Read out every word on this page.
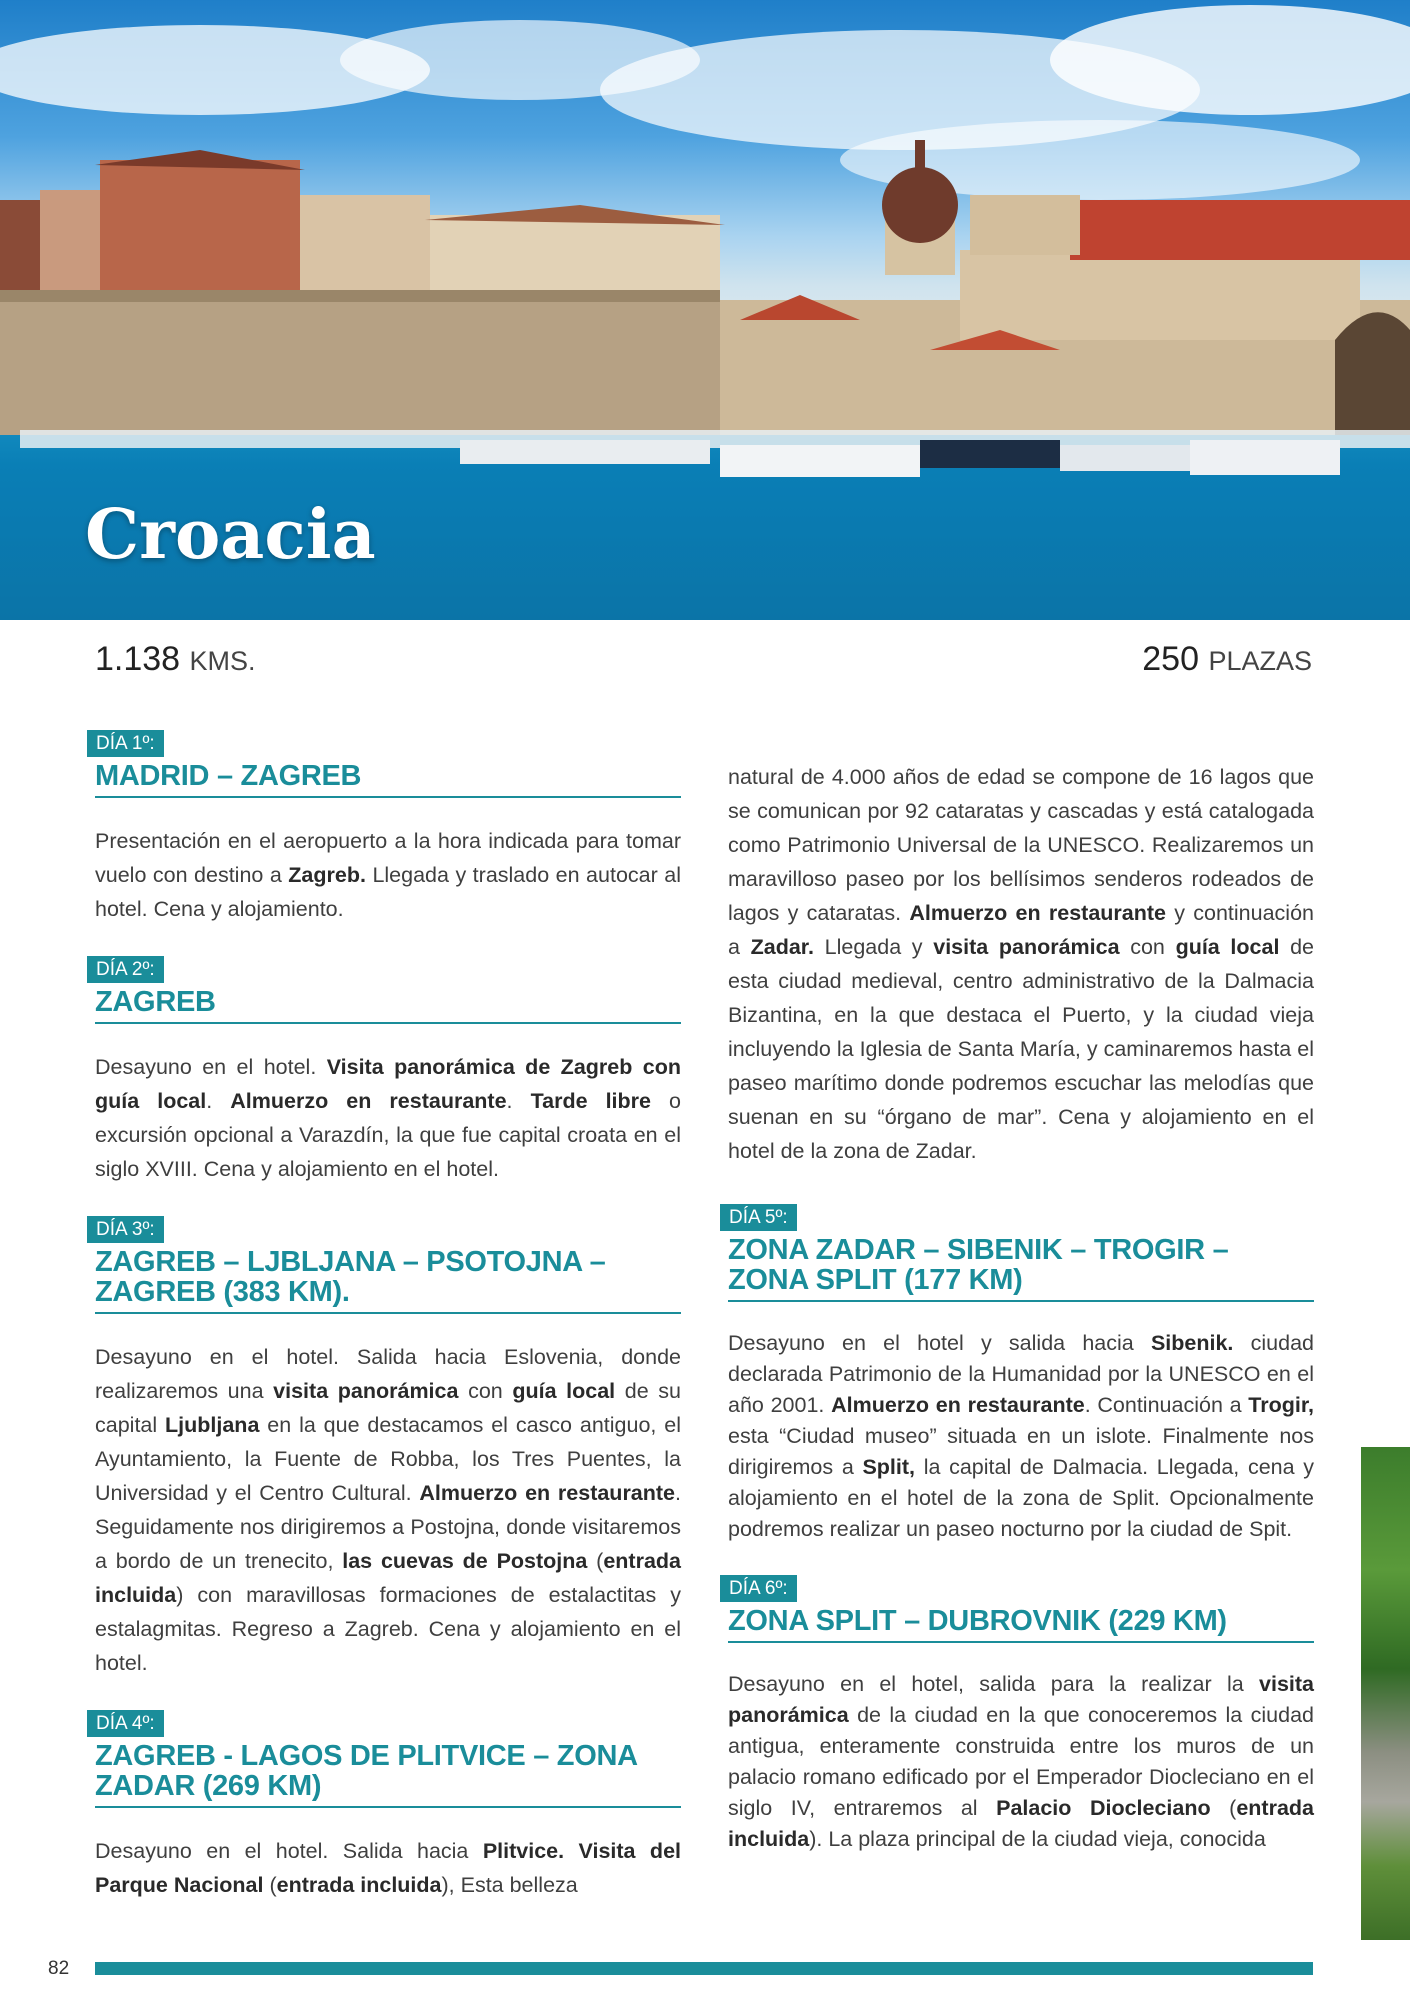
Croacia
1.138 KMS.	250 PLAZAS
DÍA 1º:
MADRID – ZAGREB

Presentación en el aeropuerto a la hora indicada para tomar vuelo con destino a Zagreb. Llegada y traslado en autocar al hotel. Cena y alojamiento.

DÍA 2º:
ZAGREB

Desayuno en el hotel. Visita panorámica de Zagreb con guía local. Almuerzo en restaurante. Tarde libre o excursión opcional a Varazdín, la que fue capital croata en el siglo XVIII. Cena y alojamiento en el hotel.

DÍA 3º:
ZAGREB – LJBLJANA – PSOTOJNA – ZAGREB (383 KM).

Desayuno en el hotel. Salida hacia Eslovenia, donde realizaremos una visita panorámica con guía local de su capital Ljubljana en la que destacamos el casco antiguo, el Ayuntamiento, la Fuente de Robba, los Tres Puentes, la Universidad y el Centro Cultural. Almuerzo en restaurante. Seguidamente nos dirigiremos a Postojna, donde visitaremos a bordo de un trenecito, las cuevas de Postojna (entrada incluida) con maravillosas formaciones de estalactitas y estalagmitas. Regreso a Zagreb. Cena y alojamiento en el hotel.

DÍA 4º:
ZAGREB - LAGOS DE PLITVICE – ZONA ZADAR (269 KM)

Desayuno en el hotel. Salida hacia Plitvice. Visita del Parque Nacional (entrada incluida), Esta belleza

natural de 4.000 años de edad se compone de 16 lagos que se comunican por 92 cataratas y cascadas y está catalogada como Patrimonio Universal de la UNESCO. Realizaremos un maravilloso paseo por los bellísimos senderos rodeados de lagos y cataratas. Almuerzo en restaurante y continuación a Zadar. Llegada y visita panorámica con guía local de esta ciudad medieval, centro administrativo de la Dalmacia Bizantina, en la que destaca el Puerto, y la ciudad vieja incluyendo la Iglesia de Santa María, y caminaremos hasta el paseo marítimo donde podremos escuchar las melodías que suenan en su “órgano de mar”. Cena y alojamiento en el hotel de la zona de Zadar.

DÍA 5º:
ZONA ZADAR – SIBENIK – TROGIR – ZONA SPLIT (177 KM)

Desayuno en el hotel y salida hacia Sibenik. ciudad declarada Patrimonio de la Humanidad por la UNESCO en el año 2001. Almuerzo en restaurante. Continuación a Trogir, esta “Ciudad museo” situada en un islote. Finalmente nos dirigiremos a Split, la capital de Dalmacia. Llegada, cena y alojamiento en el hotel de la zona de Split. Opcionalmente podremos realizar un paseo nocturno por la ciudad de Spit.

DÍA 6º:
ZONA SPLIT – DUBROVNIK (229 KM)

Desayuno en el hotel, salida para la realizar la visita panorámica de la ciudad en la que conoceremos la ciudad antigua, enteramente construida entre los muros de un palacio romano edificado por el Emperador Diocleciano en el siglo IV, entraremos al Palacio Diocleciano (entrada incluida). La plaza principal de la ciudad vieja, conocida

82
